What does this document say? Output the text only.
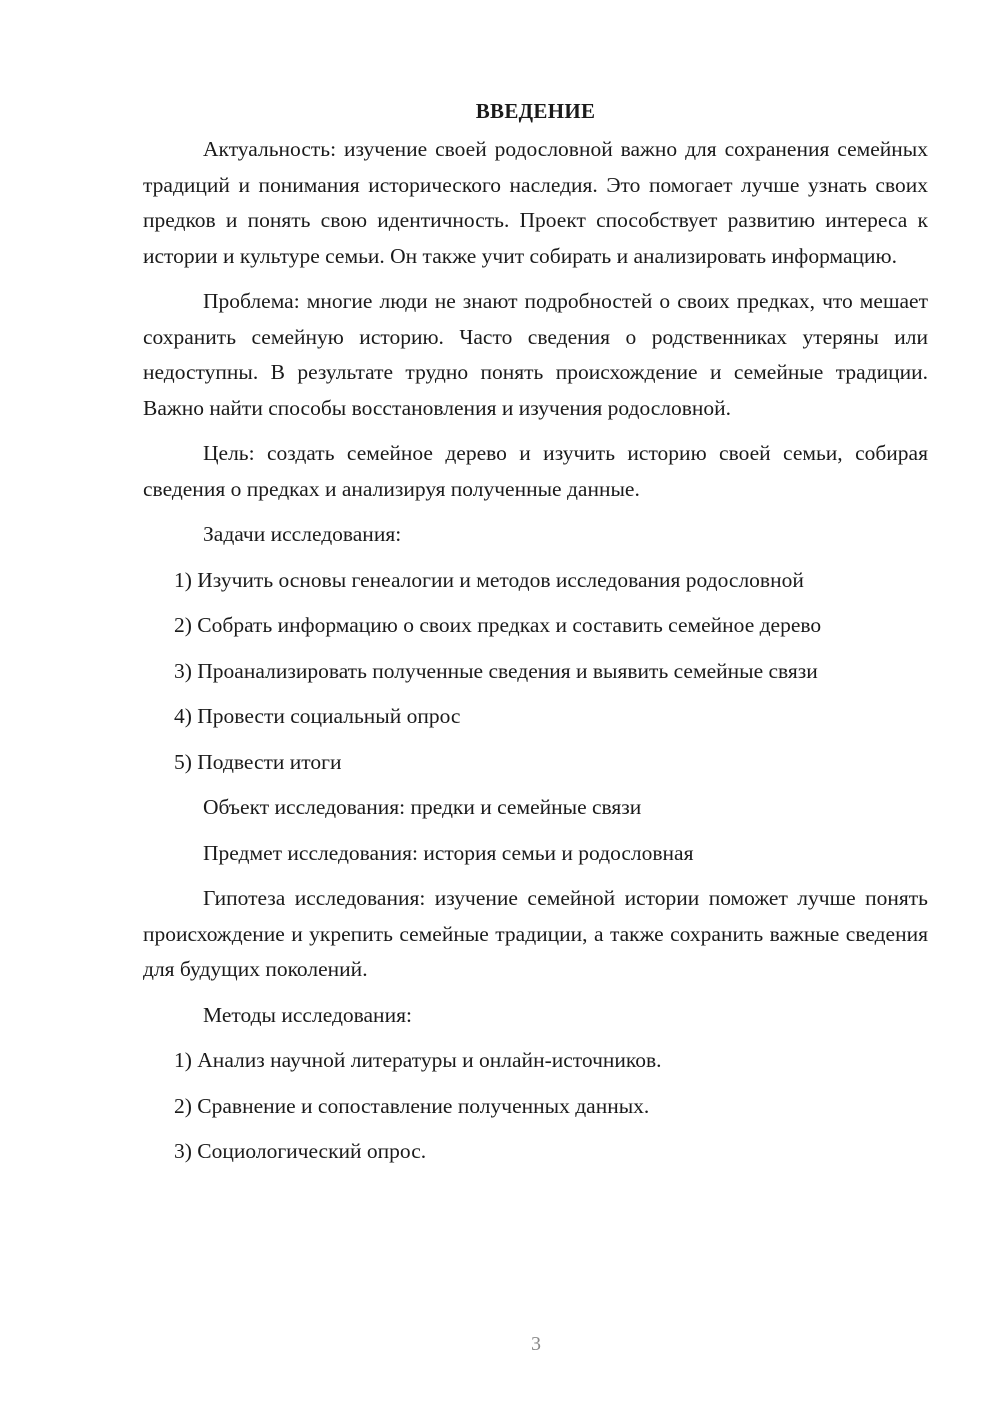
ВВЕДЕНИЕ

Актуальность: изучение своей родословной важно для сохранения семейных традиций и понимания исторического наследия. Это помогает лучше узнать своих предков и понять свою идентичность. Проект способствует развитию интереса к истории и культуре семьи. Он также учит собирать и анализировать информацию.

Проблема: многие люди не знают подробностей о своих предках, что мешает сохранить семейную историю. Часто сведения о родственниках утеряны или недоступны. В результате трудно понять происхождение и семейные традиции. Важно найти способы восстановления и изучения родословной.

Цель: создать семейное дерево и изучить историю своей семьи, собирая сведения о предках и анализируя полученные данные.

Задачи исследования:
1) Изучить основы генеалогии и методов исследования родословной
2) Собрать информацию о своих предках и составить семейное дерево
3) Проанализировать полученные сведения и выявить семейные связи
4) Провести социальный опрос
5) Подвести итоги
Объект исследования: предки и семейные связи
Предмет исследования: история семьи и родословная

Гипотеза исследования: изучение семейной истории поможет лучше понять происхождение и укрепить семейные традиции, а также сохранить важные сведения для будущих поколений.

Методы исследования:
1) Анализ научной литературы и онлайн-источников.
2) Сравнение и сопоставление полученных данных.
3) Социологический опрос.
3
